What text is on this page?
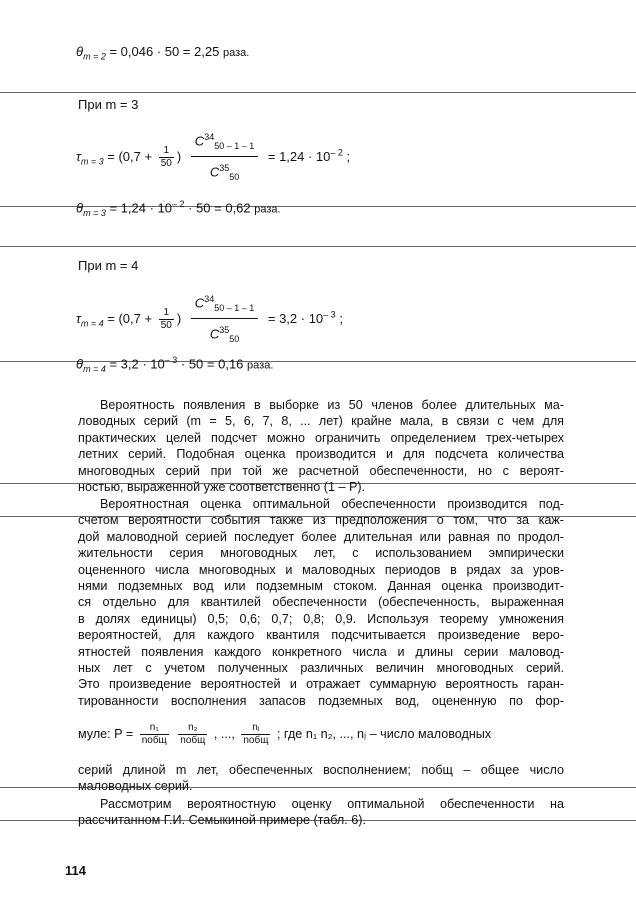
$\theta_{m = 2} = 0,046 \cdot 50 = 2,25$ раза.
При m = 3
$\tau_{m = 3} = (0,7 + \frac{1}{50}$ ) $\frac{C^{34}_{50 - 1 - 1}}{C^{35}_{50}} = 1,24 \cdot 10^{- 2}$ ;
$\theta_{m = 3} = 1,24 \cdot 10^{- 2} \cdot 50 = 0,62$ раза.
При m = 4
$\tau_{m = 4} = (0,7 + \frac{1}{50}$ ) $\frac{C^{34}_{50 - 1 - 1}}{C^{35}_{50}} = 3,2 \cdot 10^{- 3}$ ;
$\theta_{m = 4} = 3,2 \cdot 10^{- 3} \cdot 50 = 0,16$ раза.
Вероятность появления в выборке из 50 членов более длительных ма-
ловодных серий (m = 5, 6, 7, 8, ... лет) крайне мала, в связи с чем для
практических целей подсчет можно ограничить определением трех-четырех
летних серий. Подобная оценка производится и для подсчета количества
многоводных серий при той же расчетной обеспеченности, но с вероят-
ностью, выраженной уже соответственно (1 – P).
Вероятностная оценка оптимальной обеспеченности производится под-
счетом вероятности события также из предположения о том, что за каж-
дой маловодной серией последует более длительная или равная по продол-
жительности серия многоводных лет, с использованием эмпирически
оцененного числа многоводных и маловодных периодов в рядах за уров-
нями подземных вод или подземным стоком. Данная оценка производит-
ся отдельно для квантилей обеспеченности (обеспеченность, выраженная
в долях единицы) 0,5; 0,6; 0,7; 0,8; 0,9. Используя теорему умножения
вероятностей, для каждого квантиля подсчитывается произведение веро-
ятностей появления каждого конкретного числа и длины серии маловод-
ных лет с учетом полученных различных величин многоводных серий.
Это произведение вероятностей и отражает суммарную вероятность гаран-
тированности восполнения запасов подземных вод, оцененную по фор-
муле: $P = \frac{\text{n₁}}{\text{nобщ}}$
$\frac{\text{n₂}}{\text{nобщ}}$ , ..., $\frac{\text{nⱼ}}{\text{nобщ}}$ ; где n₁ n₂, ..., nⱼ – число маловодных
серий длиной m лет, обеспеченных восполнением; nобщ – общее число
маловодных серий.
Рассмотрим вероятностную оценку оптимальной обеспеченности на
рассчитанном Г.И. Семыкиной примере (табл. 6).
114
